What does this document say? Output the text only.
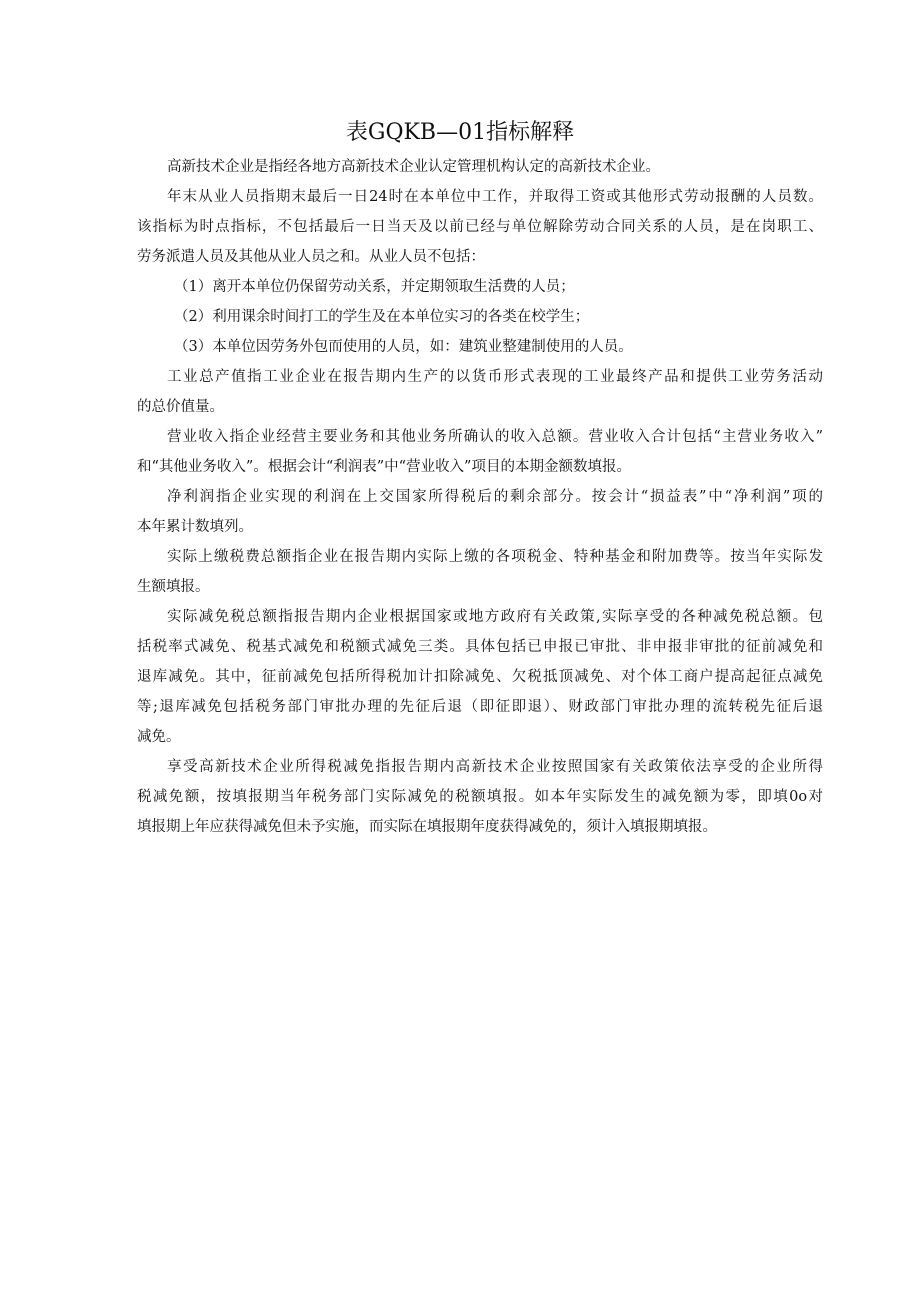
表GQKB—01指标解释
高新技术企业是指经各地方高新技术企业认定管理机构认定的高新技术企业。
年末从业人员指期末最后一日24时在本单位中工作，并取得工资或其他形式劳动报酬的人员数。
该指标为时点指标，不包括最后一日当天及以前已经与单位解除劳动合同关系的人员，是在岗职工、
劳务派遣人员及其他从业人员之和。从业人员不包括：
（1）离开本单位仍保留劳动关系，并定期领取生活费的人员；
（2）利用课余时间打工的学生及在本单位实习的各类在校学生；
（3）本单位因劳务外包而使用的人员，如：建筑业整建制使用的人员。
工业总产值指工业企业在报告期内生产的以货币形式表现的工业最终产品和提供工业劳务活动
的总价值量。
营业收入指企业经营主要业务和其他业务所确认的收入总额。营业收入合计包括“主营业务收入”
和“其他业务收入”。根据会计“利润表”中“营业收入”项目的本期金额数填报。
净利润指企业实现的利润在上交国家所得税后的剩余部分。按会计“损益表”中“净利润”项的
本年累计数填列。
实际上缴税费总额指企业在报告期内实际上缴的各项税金、特种基金和附加费等。按当年实际发
生额填报。
实际减免税总额指报告期内企业根据国家或地方政府有关政策,实际享受的各种减免税总额。包
括税率式减免、税基式减免和税额式减免三类。具体包括已申报已审批、非申报非审批的征前减免和
退库减免。其中，征前减免包括所得税加计扣除减免、欠税抵顶减免、对个体工商户提高起征点减免
等;退库减免包括税务部门审批办理的先征后退（即征即退）、财政部门审批办理的流转税先征后退
减免。
享受高新技术企业所得税减免指报告期内高新技术企业按照国家有关政策依法享受的企业所得
税减免额，按填报期当年税务部门实际减免的税额填报。如本年实际发生的减免额为零，即填0o对
填报期上年应获得减免但未予实施，而实际在填报期年度获得减免的，须计入填报期填报。
